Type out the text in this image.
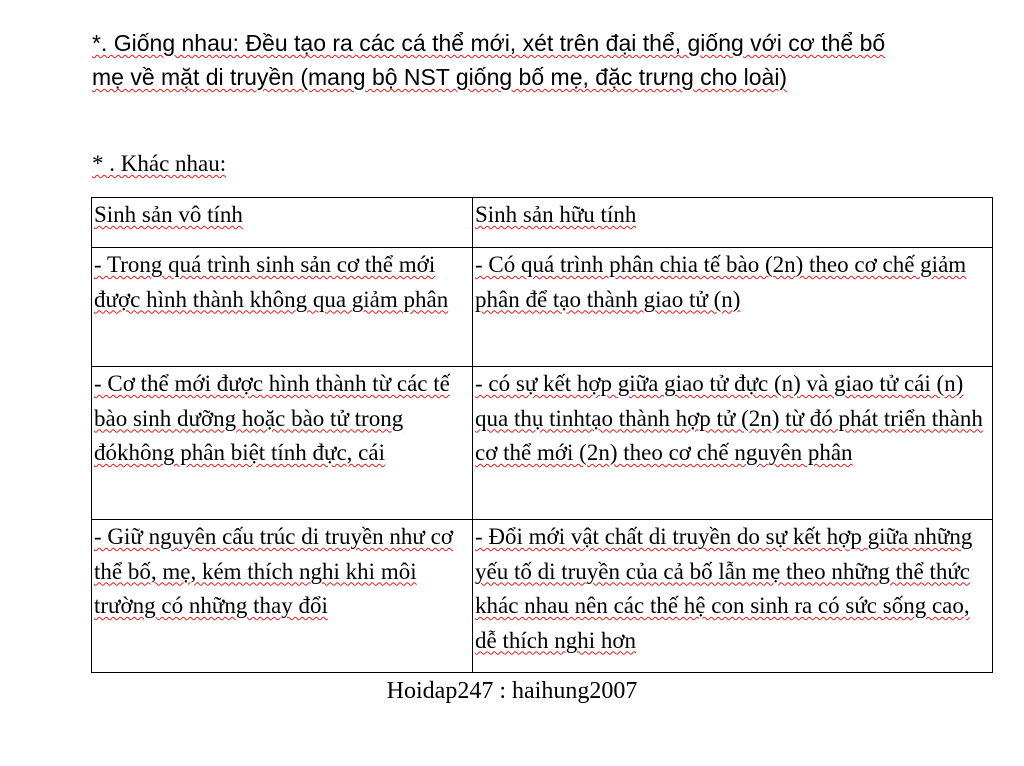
*. Giống nhau: Đều tạo ra các cá thể mới, xét trên đại thể, giống với cơ thể bố mẹ về mặt di truyền (mang bộ NST giống bố mẹ, đặc trưng cho loài)

* . Khác nhau:

Sinh sản vô tính	Sinh sản hữu tính
- Trong quá trình sinh sản cơ thể mới được hình thành không qua giảm phân	- Có quá trình phân chia tế bào (2n) theo cơ chế giảm phân để tạo thành giao tử (n)
- Cơ thể mới được hình thành từ các tế bào sinh dưỡng hoặc bào tử trong đókhông phân biệt tính đực, cái	- có sự kết hợp giữa giao tử đực (n) và giao tử cái (n) qua thụ tinhtạo thành hợp tử (2n) từ đó phát triển thành cơ thể mới (2n) theo cơ chế nguyên phân
- Giữ nguyên cấu trúc di truyền như cơ thể bố, mẹ, kém thích nghi khi môi trường có những thay đổi	- Đổi mới vật chất di truyền do sự kết hợp giữa những yếu tố di truyền của cả bố lẫn mẹ theo những thể thức khác nhau nên các thế hệ con sinh ra có sức sống cao, dễ thích nghi hơn

Hoidap247 : haihung2007
